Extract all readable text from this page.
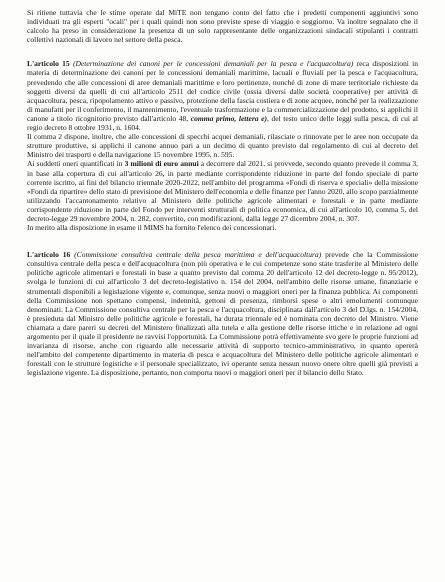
Si ritiene tuttavia che le stime operate dal MiTE non tengano conto del fatto che i predetti componenti aggiuntivi sono individuati tra gli esperti "ocali" per i quali quindi non sono previste spese di viaggio e soggiorno. Va inoltre segnalato che il calcolo ha preso in considerazione la presenza di un solo rappresentante delle organizzazioni sindacali stipulanti i contratti collettivi nazionali di lavoro nel settore della pesca.

L'articolo 15 (Determinazione dei canoni per le concessioni demaniali per la pesca e l'acquacoltura) reca disposizioni in materia di determinazione dei canoni per le concessioni demaniali marittime, lacuali e fluviali per la pesca e l'acquacoltura, prevedendo che alle concessioni di aree demaniali marittime e loro pertinenze, nonché di zone di mare territoriale richieste da soggetti diversi da quelli di cui all'articolo 2511 del codice civile (ossia diversi dalle società cooperative) per attività di acquacoltura, pesca, ripopolamento attivo e passivo, protezione della fascia costiera e di zone acquee, nonché per la realizzazione di manufatti per il conferimento, il mantenimento, l'eventuale trasformazione e la commercializzazione del prodotto, si applichi il canone a titolo ricognitorio previsto dall'articolo 48, comma primo, lettera e), del testo unico delle leggi sulla pesca, di cui al regio decreto 8 ottobre 1931, n. 1604.

Il comma 2 dispone, inoltre, che alle concessioni di specchi acquei demaniali, rilasciate o rinnovate per le aree non occupate da strutture produttive, si applichi il canone annuo pari a un decimo di quanto previsto dal regolamento di cui al decreto del Ministro dei trasporti e della navigazione 15 novembre 1995, n. 595.

Ai suddetti oneri quantificati in 3 milioni di euro annui a decorrere dal 2021, si provvede, secondo quanto prevede il comma 3, in base alla copertura di cui all'articolo 26, in parte mediante corrispondente riduzione in parte del fondo speciale di parte corrente iscritto, ai fini del bilancio triennale 2020-2022, nell'ambito del programma «Fondi di riserva e speciali» della missione «Fondi da ripartire» dello stato di previsione del Ministero dell'economia e delle finanze per l'anno 2020, allo scopo parzialmente utilizzando l'accantonamento relativo al Ministero delle politiche agricole alimentari e forestali e in parte mediante corrispondente riduzione in parte del Fondo per interventi strutturali di politica economica, di cui all'articolo 10, comma 5, del decreto-legge 29 novembre 2004, n. 282, convertito, con modificazioni, dalla legge 27 dicembre 2004, n. 307.

In merito alla disposizione in esame il MIMS ha fornito l'elenco dei concessionari.

L'articolo 16 (Commissione consultiva centrale della pesca marittima e dell'acquacoltura) prevede che la Commissione consultiva centrale della pesca e dell'acquacoltura (non più operativa e le cui competenze sono state trasferite al Ministero delle politiche agricole alimentari e forestali in base a quanto previsto dal comma 20 dell'articolo 12 del decreto-legge n. 95/2012), svolga le funzioni di cui all'articolo 3 del decreto-legislativo n. 154 del 2004, nell'ambito delle risorse umane, finanziarie e strumentali disponibili a legislazione vigente e, comunque, senza nuovi o maggiori oneri per la finanza pubblica. Ai componenti della Commissione non spettano compensi, indennità, gettoni di presenza, rimborsi spese o altri emolumenti comunque denominati. La Commissione consultiva centrale per la pesca e l'acquacoltura, disciplinata dall'articolo 3 del D.lgs. n. 154/2004, è presieduta dal Ministro delle politiche agricole e forestali, ha durata triennale ed è nominata con decreto del Ministro. Viene chiamata a dare pareri su decreti del Ministero finalizzati alla tutela e alla gestione delle risorse ittiche e in relazione ad ogni argomento per il quale il presidente ne ravvisi l'opportunità. La Commissione potrà effettivamente svo gere le proprie funzioni ad invarianza di risorse, anche con riguardo alle necessarie attività di supporto tecnico-amministrativo, in quanto opererà nell'ambito del competente dipartimento in materia di pesca e acquacoltura del Ministero delle politiche agricole alimentari e forestali con le strutture logistiche e il personale specializzato, ivi operante senza nessun nuovo onere oltre quelli già previsti a legislazione vigente. La disposizione, pertanto, non comporta nuovi o maggiori oneri per il bilancio dello Stato.
